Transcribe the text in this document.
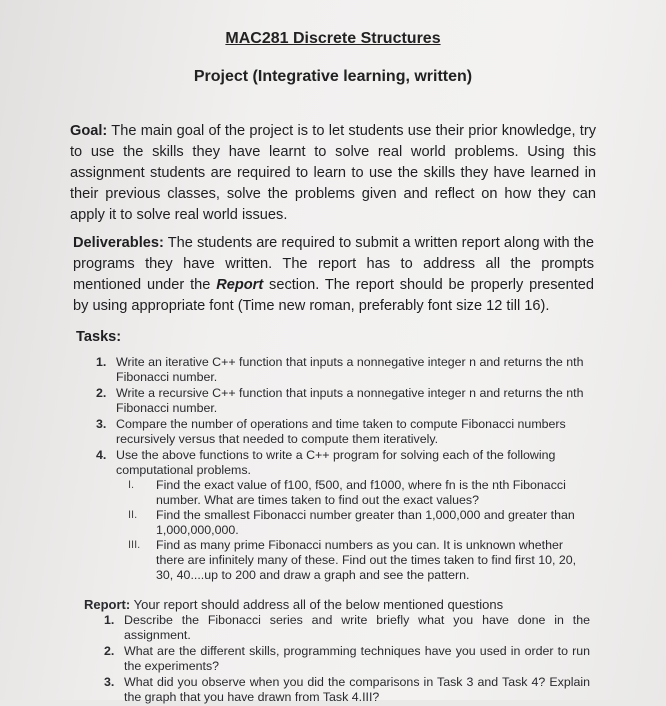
MAC281 Discrete Structures
Project (Integrative learning, written)
Goal: The main goal of the project is to let students use their prior knowledge, try to use the skills they have learnt to solve real world problems. Using this assignment students are required to learn to use the skills they have learned in their previous classes, solve the problems given and reflect on how they can apply it to solve real world issues.
Deliverables: The students are required to submit a written report along with the programs they have written. The report has to address all the prompts mentioned under the Report section. The report should be properly presented by using appropriate font (Time new roman, preferably font size 12 till 16).
Tasks:
1. Write an iterative C++ function that inputs a nonnegative integer n and returns the nth Fibonacci number.
2. Write a recursive C++ function that inputs a nonnegative integer n and returns the nth Fibonacci number.
3. Compare the number of operations and time taken to compute Fibonacci numbers recursively versus that needed to compute them iteratively.
4. Use the above functions to write a C++ program for solving each of the following computational problems.
I.	Find the exact value of f100, f500, and f1000, where fn is the nth Fibonacci number. What are times taken to find out the exact values?
II.	Find the smallest Fibonacci number greater than 1,000,000 and greater than 1,000,000,000.
III.	Find as many prime Fibonacci numbers as you can. It is unknown whether there are infinitely many of these. Find out the times taken to find first 10, 20, 30, 40....up to 200 and draw a graph and see the pattern.
Report: Your report should address all of the below mentioned questions
1. Describe the Fibonacci series and write briefly what you have done in the assignment.
2. What are the different skills, programming techniques have you used in order to run the experiments?
3. What did you observe when you did the comparisons in Task 3 and Task 4? Explain the graph that you have drawn from Task 4.III?
